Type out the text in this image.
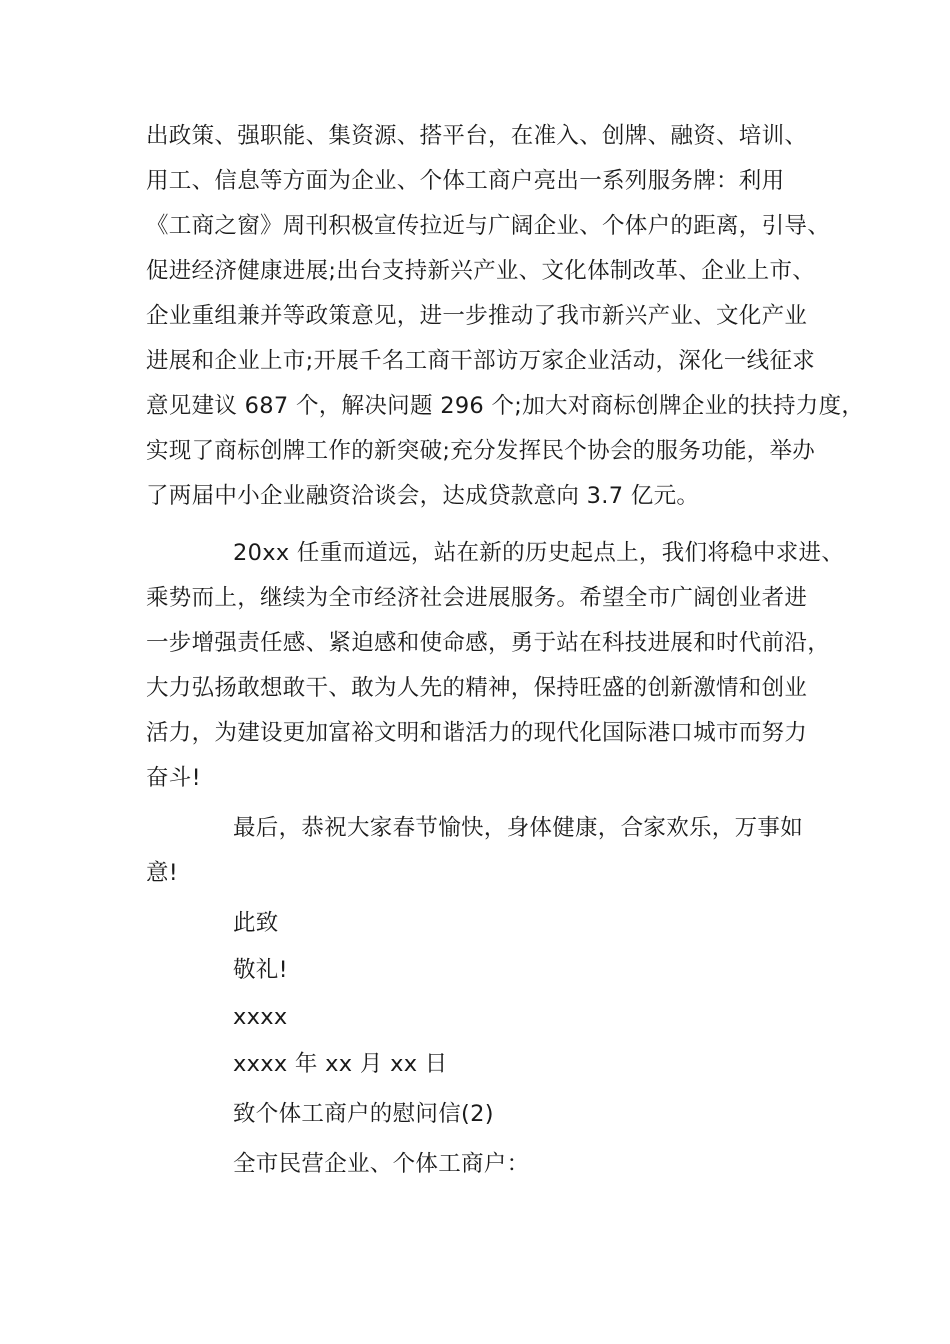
出政策、强职能、集资源、搭平台，在准入、创牌、融资、培训、
用工、信息等方面为企业、个体工商户亮出一系列服务牌：利用
《工商之窗》周刊积极宣传拉近与广阔企业、个体户的距离，引导、
促进经济健康进展;出台支持新兴产业、文化体制改革、企业上市、
企业重组兼并等政策意见，进一步推动了我市新兴产业、文化产业
进展和企业上市;开展千名工商干部访万家企业活动，深化一线征求
意见建议 687 个，解决问题 296 个;加大对商标创牌企业的扶持力度，
实现了商标创牌工作的新突破;充分发挥民个协会的服务功能，举办
了两届中小企业融资洽谈会，达成贷款意向 3.7 亿元。
20xx 任重而道远，站在新的历史起点上，我们将稳中求进、
乘势而上，继续为全市经济社会进展服务。希望全市广阔创业者进
一步增强责任感、紧迫感和使命感，勇于站在科技进展和时代前沿，
大力弘扬敢想敢干、敢为人先的精神，保持旺盛的创新激情和创业
活力，为建设更加富裕文明和谐活力的现代化国际港口城市而努力
奋斗!
最后，恭祝大家春节愉快，身体健康，合家欢乐，万事如
意!
此致
敬礼!
xxxx
xxxx 年 xx 月 xx 日
致个体工商户的慰问信(2)
全市民营企业、个体工商户：
